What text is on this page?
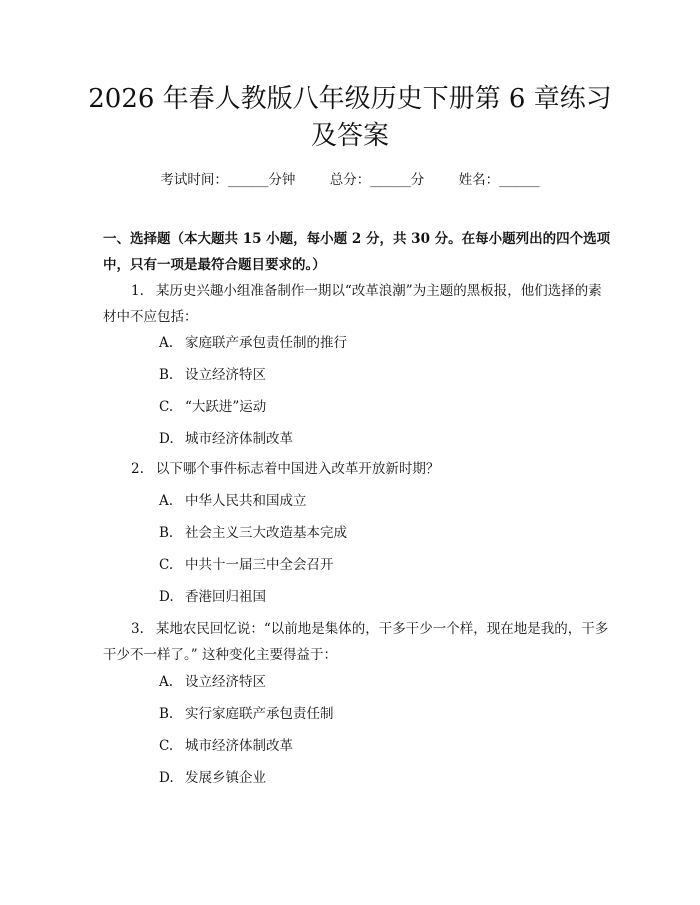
2026 年春人教版八年级历史下册第 6 章练习
及答案
考试时间：______分钟	总分：______分	姓名：______
一、选择题（本大题共 15 小题，每小题 2 分，共 30 分。在每小题列出的四个选项中，只有一项是最符合题目要求的。）
1. 某历史兴趣小组准备制作一期以“改革浪潮”为主题的黑板报，他们选择的素材中不应包括：
A. 家庭联产承包责任制的推行
B. 设立经济特区
C. “大跃进”运动
D. 城市经济体制改革
2. 以下哪个事件标志着中国进入改革开放新时期？
A. 中华人民共和国成立
B. 社会主义三大改造基本完成
C. 中共十一届三中全会召开
D. 香港回归祖国
3. 某地农民回忆说：“以前地是集体的，干多干少一个样，现在地是我的，干多干少不一样了。” 这种变化主要得益于：
A. 设立经济特区
B. 实行家庭联产承包责任制
C. 城市经济体制改革
D. 发展乡镇企业
